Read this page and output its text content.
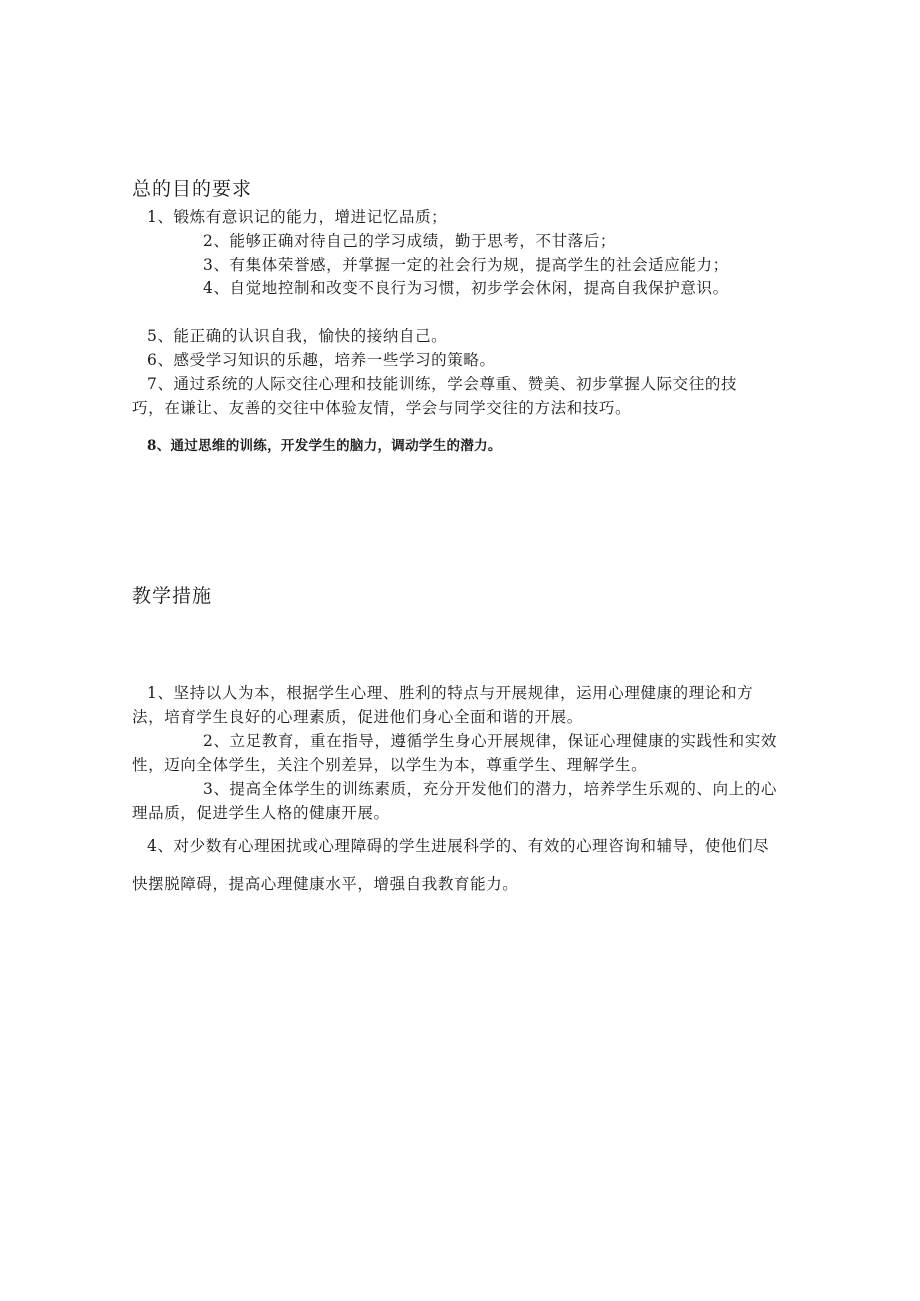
总的目的要求
1、锻炼有意识记的能力，增进记忆品质；
2、能够正确对待自己的学习成绩，勤于思考，不甘落后；
3、有集体荣誉感，并掌握一定的社会行为规，提高学生的社会适应能力；
4、自觉地控制和改变不良行为习惯，初步学会休闲，提高自我保护意识。
5、能正确的认识自我，愉快的接纳自己。
6、感受学习知识的乐趣，培养一些学习的策略。
7、通过系统的人际交往心理和技能训练，学会尊重、赞美、初步掌握人际交往的技
巧，在谦让、友善的交往中体验友情，学会与同学交往的方法和技巧。
8、通过思维的训练，开发学生的脑力，调动学生的潜力。
教学措施
1、坚持以人为本，根据学生心理、胜利的特点与开展规律，运用心理健康的理论和方
法，培育学生良好的心理素质，促进他们身心全面和谐的开展。
2、立足教育，重在指导，遵循学生身心开展规律，保证心理健康的实践性和实效
性，迈向全体学生，关注个别差异，以学生为本，尊重学生、理解学生。
3、提高全体学生的训练素质，充分开发他们的潜力，培养学生乐观的、向上的心
理品质，促进学生人格的健康开展。
4、对少数有心理困扰或心理障碍的学生进展科学的、有效的心理咨询和辅导，使他们尽
快摆脱障碍，提高心理健康水平，增强自我教育能力。
